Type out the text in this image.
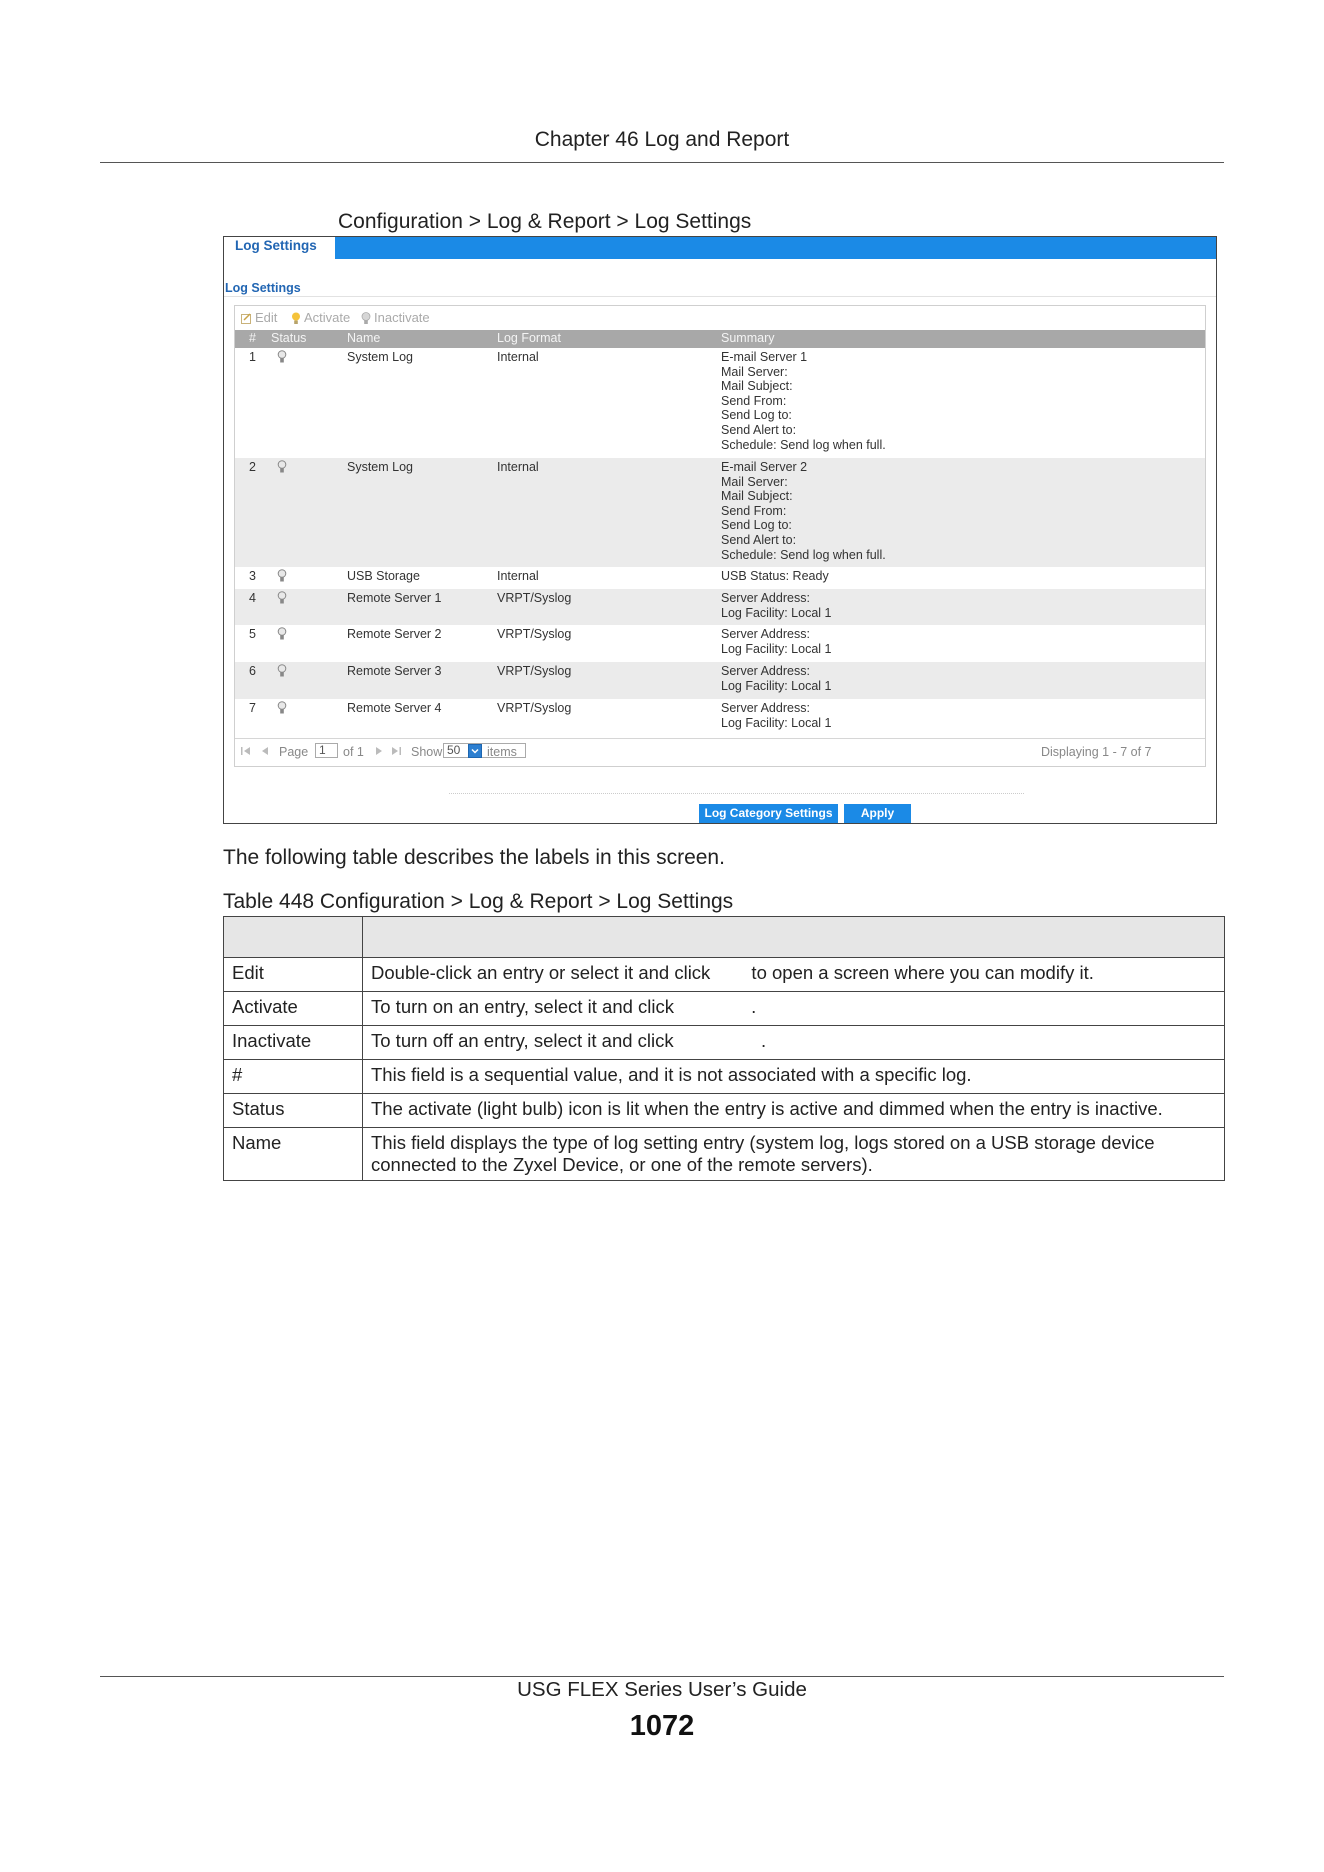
Chapter 46 Log and Report
Configuration > Log & Report > Log Settings
Log Settings
Log Settings
Edit	Activate	Inactivate
# Status	Name	Log Format	Summary
1	System Log	Internal	E-mail Server 1
Mail Server:
Mail Subject:
Send From:
Send Log to:
Send Alert to:
Schedule: Send log when full.
2	System Log	Internal	E-mail Server 2
Mail Server:
Mail Subject:
Send From:
Send Log to:
Send Alert to:
Schedule: Send log when full.
3	USB Storage	Internal	USB Status: Ready
4	Remote Server 1	VRPT/Syslog	Server Address:
Log Facility: Local 1
5	Remote Server 2	VRPT/Syslog	Server Address:
Log Facility: Local 1
6	Remote Server 3	VRPT/Syslog	Server Address:
Log Facility: Local 1
7	Remote Server 4	VRPT/Syslog	Server Address:
Log Facility: Local 1
Page 1	of 1	Show 50	items	Displaying 1 - 7 of 7
Log Category Settings	Apply
The following table describes the labels in this screen.
Table 448 Configuration > Log & Report > Log Settings

Edit	Double-click an entry or select it and click        to open a screen where you can modify it.
Activate	To turn on an entry, select it and click               .
Inactivate	To turn off an entry, select it and click                 .
#	This field is a sequential value, and it is not associated with a specific log.
Status	The activate (light bulb) icon is lit when the entry is active and dimmed when the entry is inactive.
Name	This field displays the type of log setting entry (system log, logs stored on a USB storage device connected to the Zyxel Device, or one of the remote servers).
USG FLEX Series User’s Guide
1072
